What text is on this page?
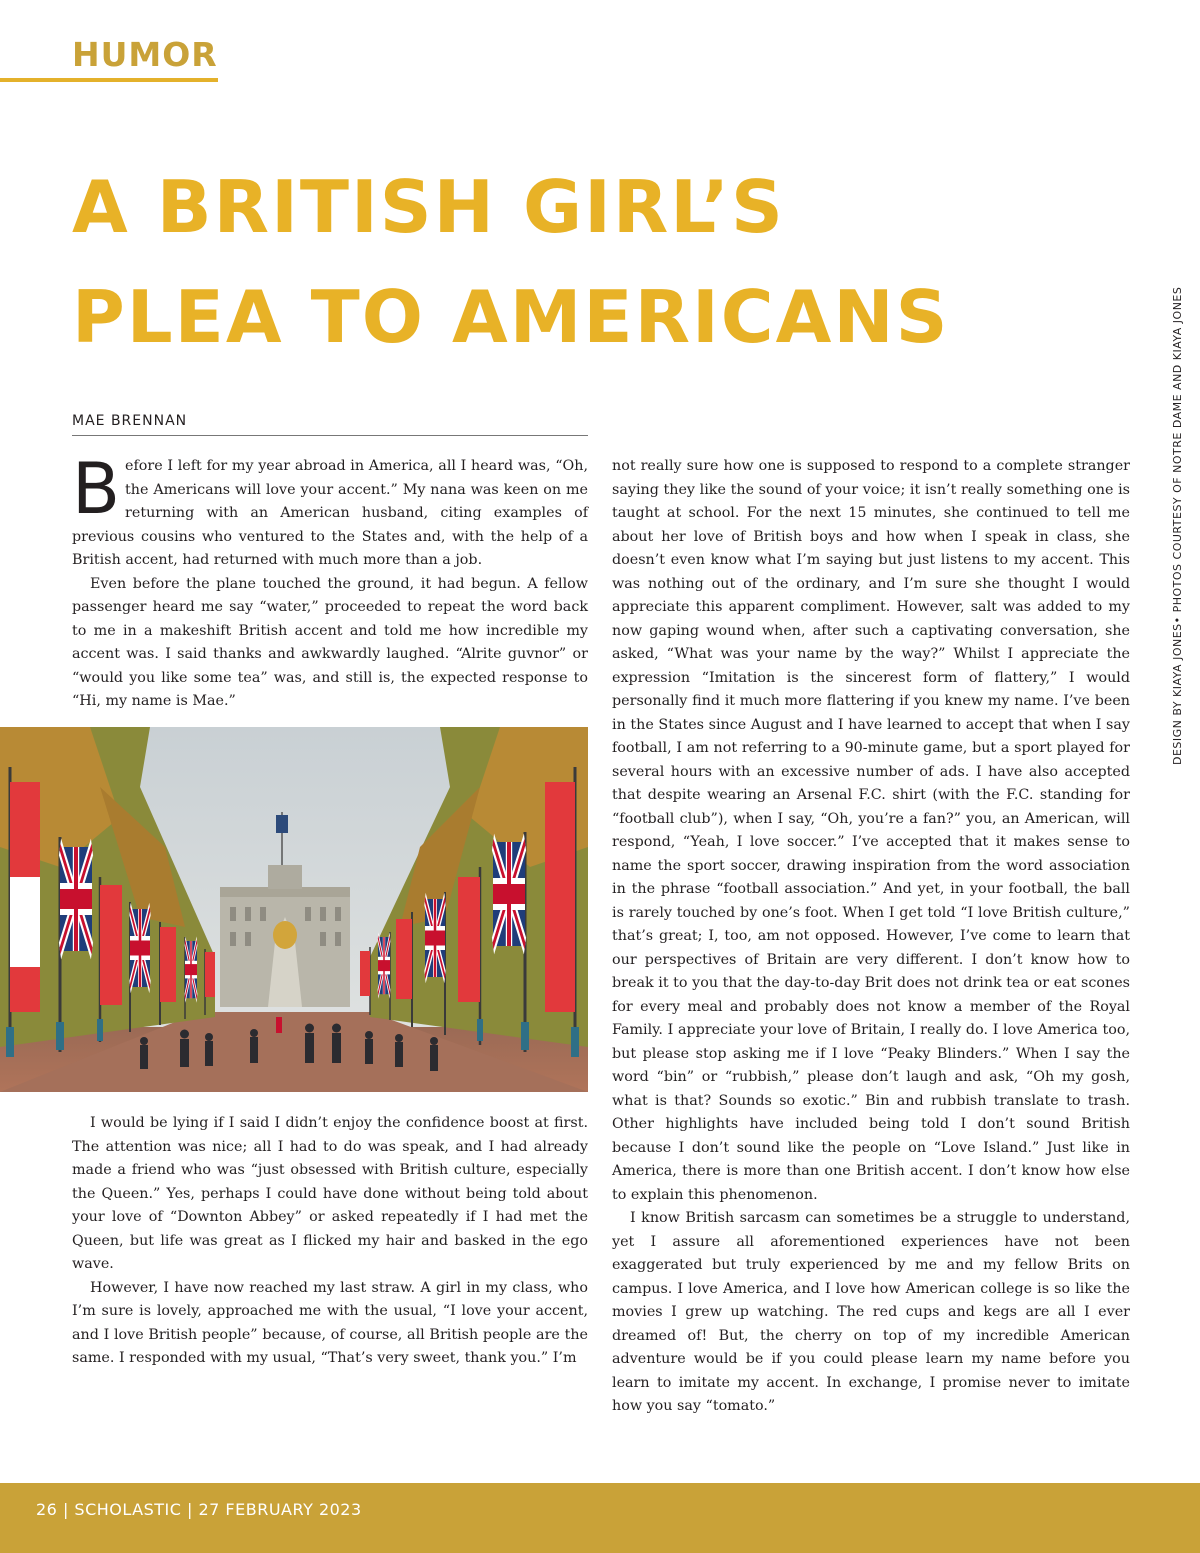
HUMOR
A BRITISH GIRL’S
PLEA TO AMERICANS

MAE BRENNAN	DESIGN BY KIAYA JONES• PHOTOS COURTESY OF NOTRE DAME AND KIAYA JONES

Before I left for my year abroad in America, all I heard was, “Oh, the Americans will love your accent.” My nana was keen on me returning with an American husband, citing examples of previous cousins who ventured to the States and, with the help of a British accent, had returned with much more than a job.

Even before the plane touched the ground, it had begun. A fellow passenger heard me say “water,” proceeded to repeat the word back to me in a makeshift British accent and told me how incredible my accent was. I said thanks and awkwardly laughed. “Alrite guvnor” or “would you like some tea” was, and still is, the expected response to “Hi, my name is Mae.”

I would be lying if I said I didn’t enjoy the confidence boost at first. The attention was nice; all I had to do was speak, and I had already made a friend who was “just obsessed with British culture, especially the Queen.” Yes, perhaps I could have done without being told about your love of “Downton Abbey” or asked repeatedly if I had met the Queen, but life was great as I flicked my hair and basked in the ego wave.

However, I have now reached my last straw. A girl in my class, who I’m sure is lovely, approached me with the usual, “I love your accent, and I love British people” because, of course, all British people are the same. I responded with my usual, “That’s very sweet, thank you.” I’m

not really sure how one is supposed to respond to a complete stranger saying they like the sound of your voice; it isn’t really something one is taught at school. For the next 15 minutes, she continued to tell me about her love of British boys and how when I speak in class, she doesn’t even know what I’m saying but just listens to my accent. This was nothing out of the ordinary, and I’m sure she thought I would appreciate this apparent compliment. However, salt was added to my now gaping wound when, after such a captivating conversation, she asked, “What was your name by the way?” Whilst I appreciate the expression “Imitation is the sincerest form of flattery,” I would personally find it much more flattering if you knew my name. I’ve been in the States since August and I have learned to accept that when I say football, I am not referring to a 90-minute game, but a sport played for several hours with an excessive number of ads. I have also accepted that despite wearing an Arsenal F.C. shirt (with the F.C. standing for “football club”), when I say, “Oh, you’re a fan?” you, an American, will respond, “Yeah, I love soccer.” I’ve accepted that it makes sense to name the sport soccer, drawing inspiration from the word association in the phrase “football association.” And yet, in your football, the ball is rarely touched by one’s foot. When I get told “I love British culture,” that’s great; I, too, am not opposed. However, I’ve come to learn that our perspectives of Britain are very different. I don’t know how to break it to you that the day-to-day Brit does not drink tea or eat scones for every meal and probably does not know a member of the Royal Family. I appreciate your love of Britain, I really do. I love America too, but please stop asking me if I love “Peaky Blinders.” When I say the word “bin” or “rubbish,” please don’t laugh and ask, “Oh my gosh, what is that? Sounds so exotic.” Bin and rubbish translate to trash. Other highlights have included being told I don’t sound British because I don’t sound like the people on “Love Island.” Just like in America, there is more than one British accent. I don’t know how else to explain this phenomenon.

I know British sarcasm can sometimes be a struggle to understand, yet I assure all aforementioned experiences have not been exaggerated but truly experienced by me and my fellow Brits on campus. I love America, and I love how American college is so like the movies I grew up watching. The red cups and kegs are all I ever dreamed of! But, the cherry on top of my incredible American adventure would be if you could please learn my name before you learn to imitate my accent. In exchange, I promise never to imitate how you say “tomato.”

26 | SCHOLASTIC | 27 FEBRUARY 2023
